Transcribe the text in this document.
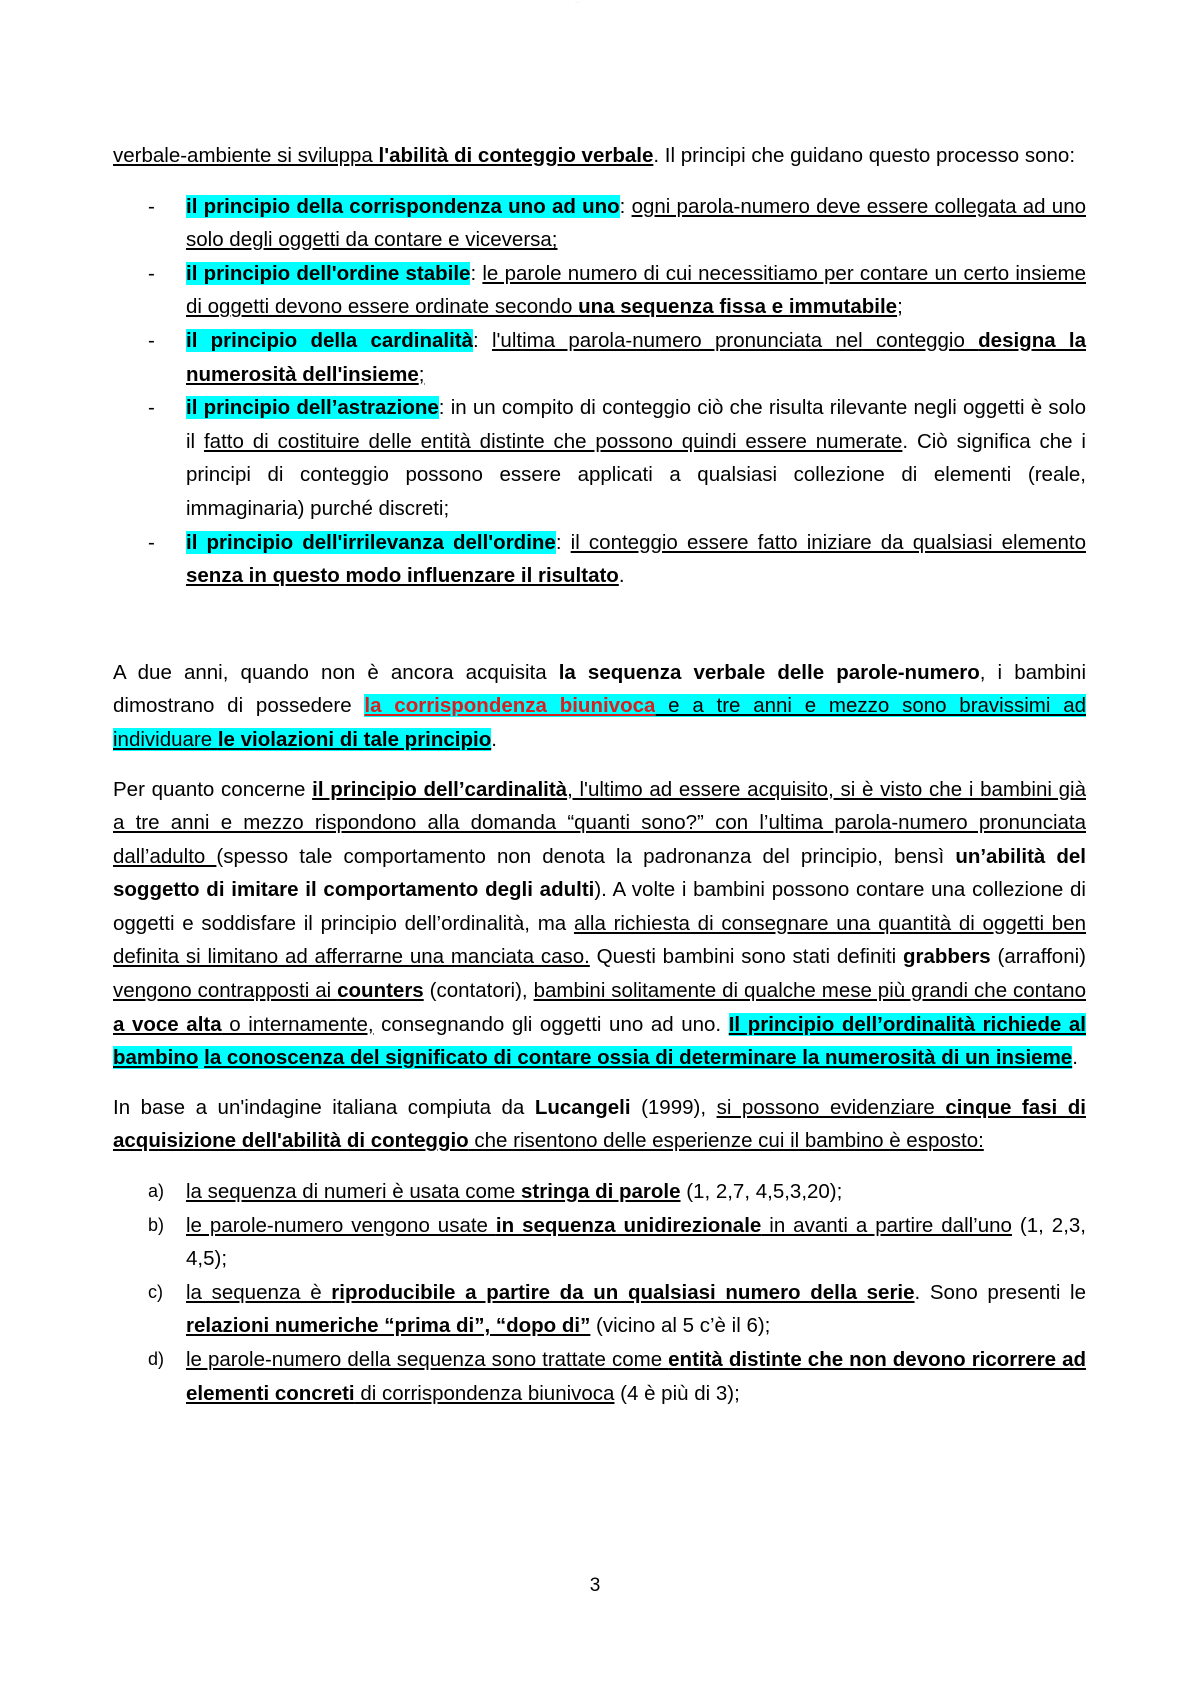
·····

verbale-ambiente si sviluppa l'abilità di conteggio verbale. Il principi che guidano questo processo sono:

- il principio della corrispondenza uno ad uno: ogni parola-numero deve essere collegata ad uno solo degli oggetti da contare e viceversa;
- il principio dell'ordine stabile: le parole numero di cui necessitiamo per contare un certo insieme di oggetti devono essere ordinate secondo una sequenza fissa e immutabile;
- il principio della cardinalità: l'ultima parola-numero pronunciata nel conteggio designa la numerosità dell'insieme;
- il principio dell’astrazione: in un compito di conteggio ciò che risulta rilevante negli oggetti è solo il fatto di costituire delle entità distinte che possono quindi essere numerate. Ciò significa che i principi di conteggio possono essere applicati a qualsiasi collezione di elementi (reale, immaginaria) purché discreti;
- il principio dell'irrilevanza dell'ordine: il conteggio essere fatto iniziare da qualsiasi elemento senza in questo modo influenzare il risultato.

A due anni, quando non è ancora acquisita la sequenza verbale delle parole-numero, i bambini dimostrano di possedere la corrispondenza biunivoca e a tre anni e mezzo sono bravissimi ad individuare le violazioni di tale principio.

Per quanto concerne il principio dell’cardinalità, l'ultimo ad essere acquisito, si è visto che i bambini già a tre anni e mezzo rispondono alla domanda “quanti sono?” con l’ultima parola-numero pronunciata dall’adulto (spesso tale comportamento non denota la padronanza del principio, bensì un’abilità del soggetto di imitare il comportamento degli adulti). A volte i bambini possono contare una collezione di oggetti e soddisfare il principio dell’ordinalità, ma alla richiesta di consegnare una quantità di oggetti ben definita si limitano ad afferrarne una manciata caso. Questi bambini sono stati definiti grabbers (arraffoni) vengono contrapposti ai counters (contatori), bambini solitamente di qualche mese più grandi che contano a voce alta o internamente, consegnando gli oggetti uno ad uno. Il principio dell’ordinalità richiede al bambino la conoscenza del significato di contare ossia di determinare la numerosità di un insieme.

In base a un'indagine italiana compiuta da Lucangeli (1999), si possono evidenziare cinque fasi di acquisizione dell'abilità di conteggio che risentono delle esperienze cui il bambino è esposto:

a) la sequenza di numeri è usata come stringa di parole (1, 2,7, 4,5,3,20);
b) le parole-numero vengono usate in sequenza unidirezionale in avanti a partire dall’uno (1, 2,3, 4,5);
c) la sequenza è riproducibile a partire da un qualsiasi numero della serie. Sono presenti le relazioni numeriche “prima di”, “dopo di” (vicino al 5 c’è il 6);
d) le parole-numero della sequenza sono trattate come entità distinte che non devono ricorrere ad elementi concreti di corrispondenza biunivoca (4 è più di 3);
3
